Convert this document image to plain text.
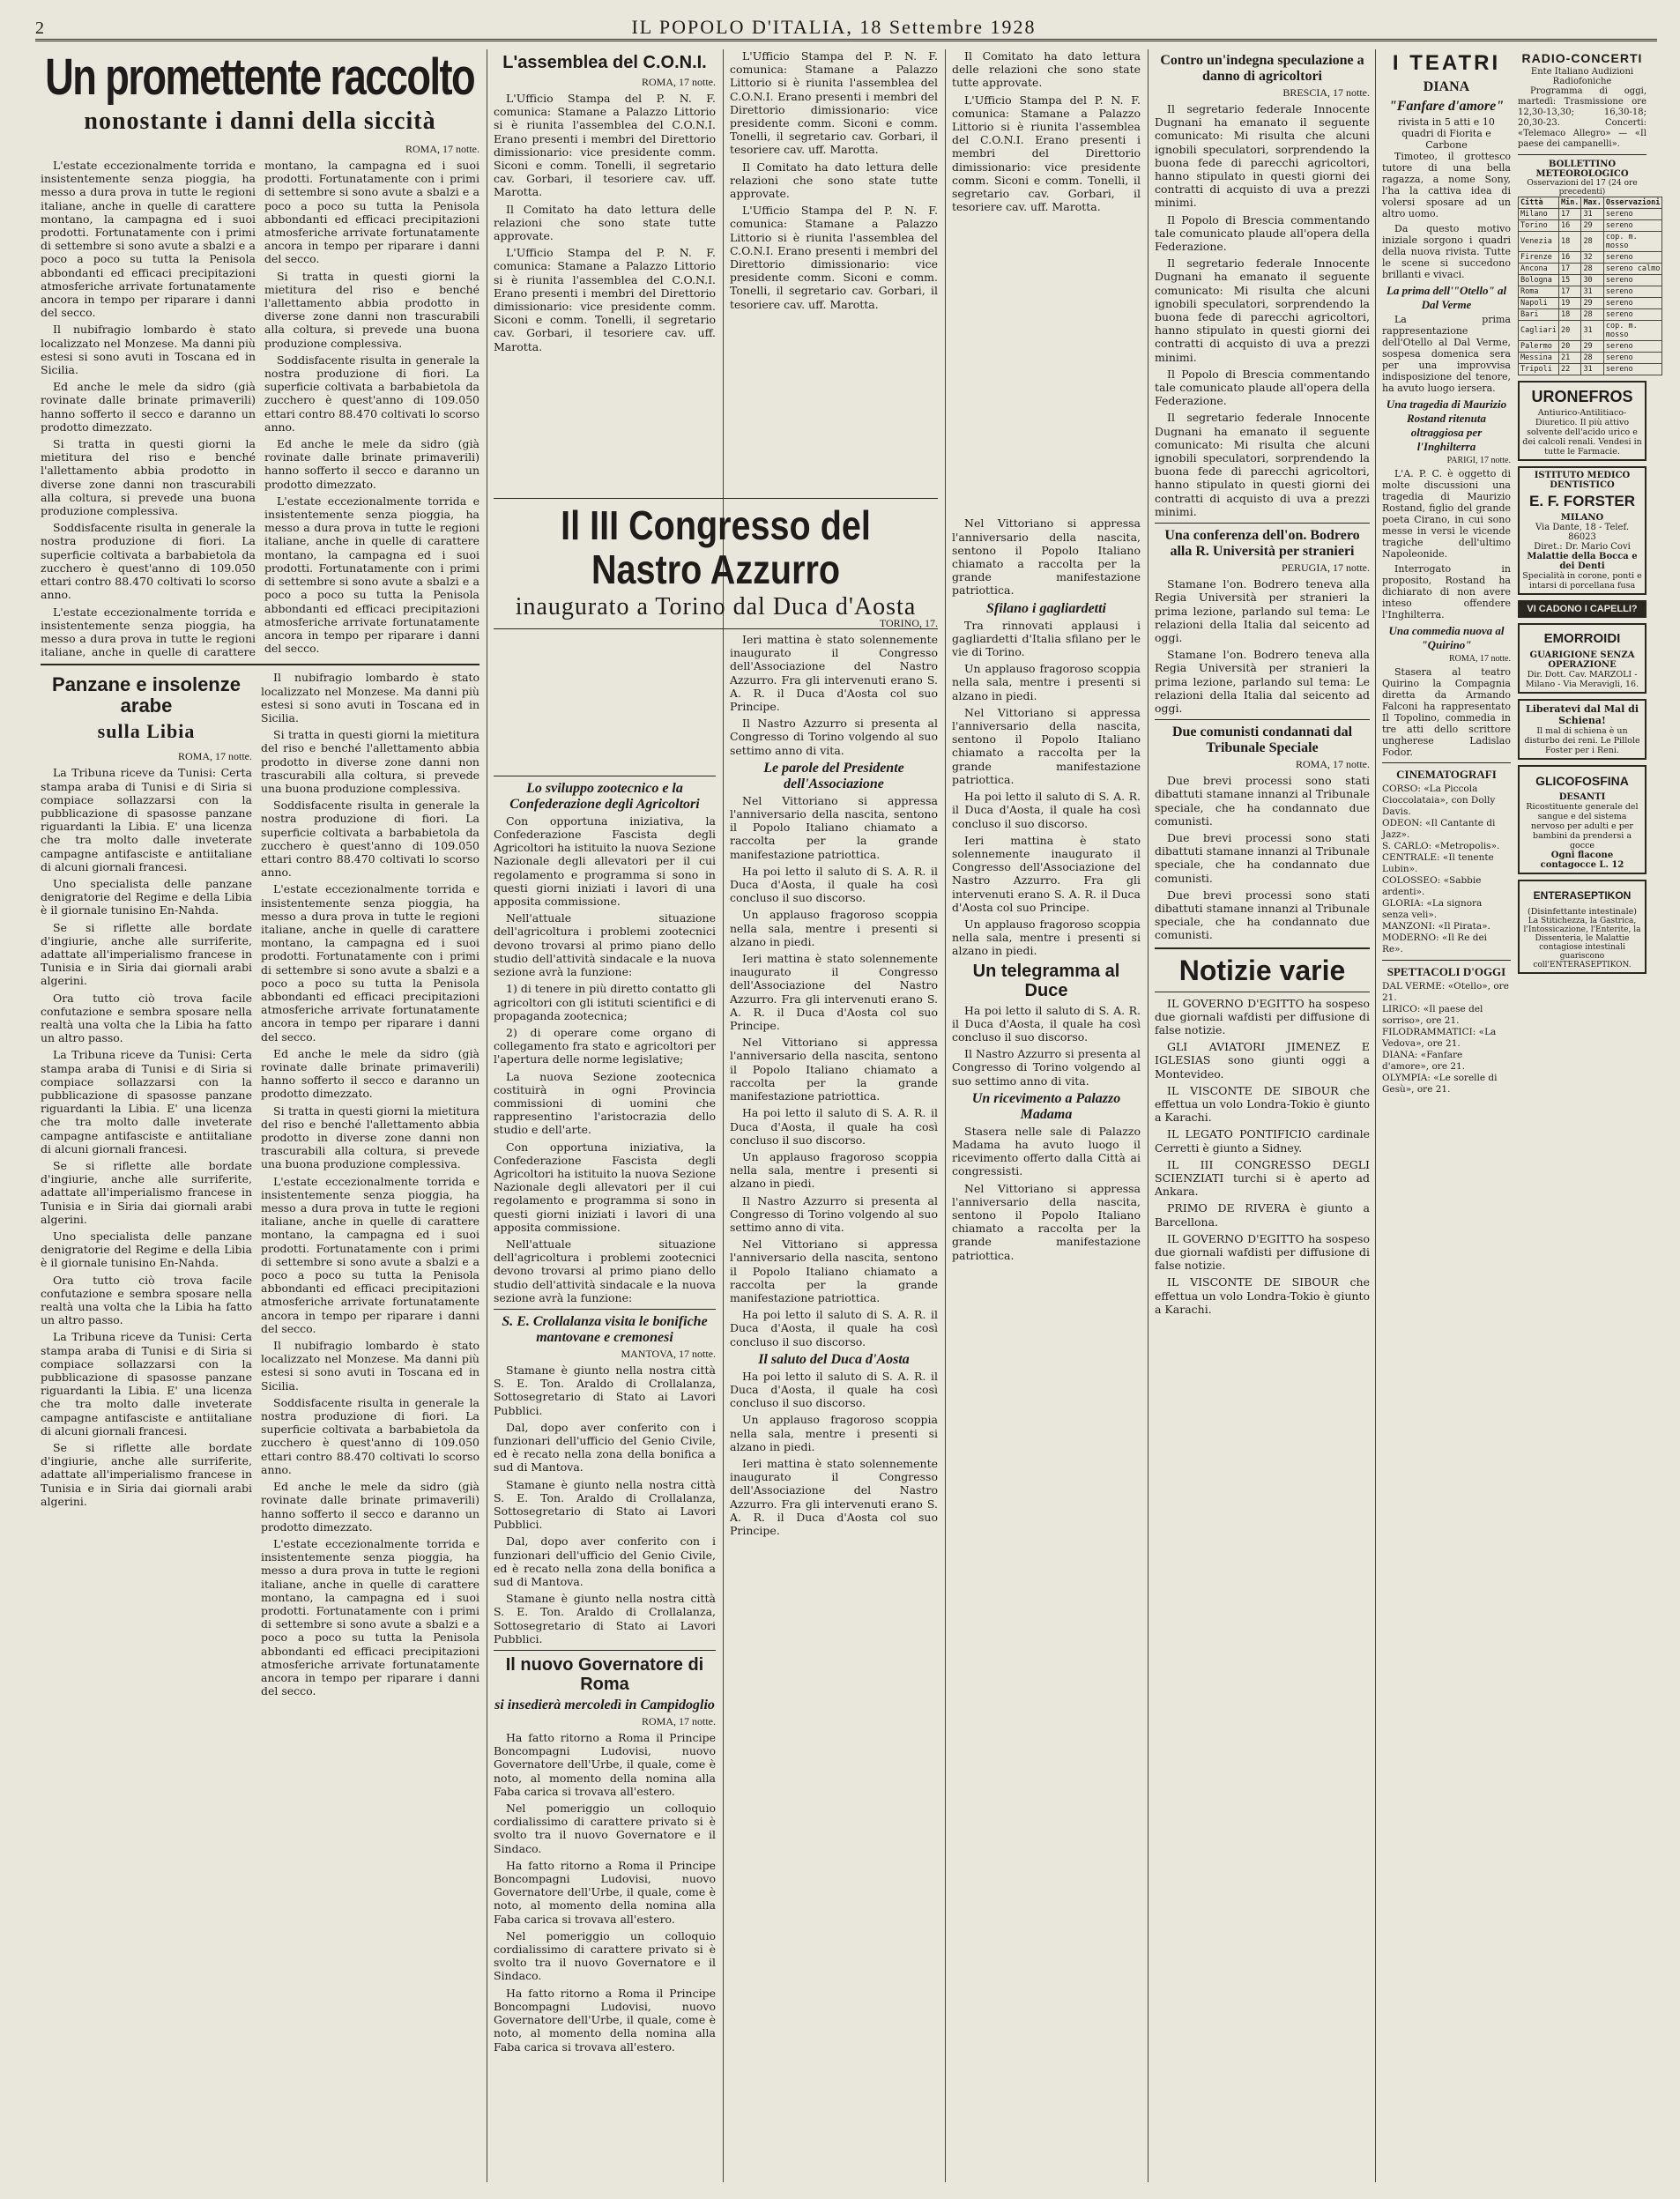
2	IL POPOLO D'ITALIA, 18 Settembre 1928
Un promettente raccolto
nonostante i danni della siccità
ROMA, 17 notte.

L'estate eccezionalmente torrida e insistentemente senza pioggia, ha messo a dura prova in tutte le regioni italiane, anche in quelle di carattere montano, la campagna ed i suoi prodotti. Fortunatamente con i primi di settembre si sono avute a sbalzi e a poco a poco su tutta la Penisola abbondanti ed efficaci precipitazioni atmosferiche arrivate fortunatamente ancora in tempo per riparare i danni del secco.

Il nubifragio lombardo è stato localizzato nel Monzese. Ma danni più estesi si sono avuti in Toscana ed in Sicilia.

Ed anche le mele da sidro (già rovinate dalle brinate primaverili) hanno sofferto il secco e daranno un prodotto dimezzato.

Si tratta in questi giorni la mietitura del riso e benché l'allettamento abbia prodotto in diverse zone danni non trascurabili alla coltura, si prevede una buona produzione complessiva.

Soddisfacente risulta in generale la nostra produzione di fiori. La superficie coltivata a barbabietola da zucchero è quest'anno di 109.050 ettari contro 88.470 coltivati lo scorso anno.

L'estate eccezionalmente torrida e insistentemente senza pioggia, ha messo a dura prova in tutte le regioni italiane, anche in quelle di carattere montano, la campagna ed i suoi prodotti. Fortunatamente con i primi di settembre si sono avute a sbalzi e a poco a poco su tutta la Penisola abbondanti ed efficaci precipitazioni atmosferiche arrivate fortunatamente ancora in tempo per riparare i danni del secco.

Si tratta in questi giorni la mietitura del riso e benché l'allettamento abbia prodotto in diverse zone danni non trascurabili alla coltura, si prevede una buona produzione complessiva.

Soddisfacente risulta in generale la nostra produzione di fiori. La superficie coltivata a barbabietola da zucchero è quest'anno di 109.050 ettari contro 88.470 coltivati lo scorso anno.

Ed anche le mele da sidro (già rovinate dalle brinate primaverili) hanno sofferto il secco e daranno un prodotto dimezzato.

L'estate eccezionalmente torrida e insistentemente senza pioggia, ha messo a dura prova in tutte le regioni italiane, anche in quelle di carattere montano, la campagna ed i suoi prodotti. Fortunatamente con i primi di settembre si sono avute a sbalzi e a poco a poco su tutta la Penisola abbondanti ed efficaci precipitazioni atmosferiche arrivate fortunatamente ancora in tempo per riparare i danni del secco.

Panzane e insolenze arabe
sulla Libia
ROMA, 17 notte.

La Tribuna riceve da Tunisi: Certa stampa araba di Tunisi e di Siria si compiace sollazzarsi con la pubblicazione di spasosse panzane riguardanti la Libia. E' una licenza che tra molto dalle inveterate campagne antifasciste e antiitaliane di alcuni giornali francesi.

Uno specialista delle panzane denigratorie del Regime e della Libia è il giornale tunisino En-Nahda.

Se si riflette alle bordate d'ingiurie, anche alle surriferite, adattate all'imperialismo francese in Tunisia e in Siria dai giornali arabi algerini.

Ora tutto ciò trova facile confutazione e sembra sposare nella realtà una volta che la Libia ha fatto un altro passo.

La Tribuna riceve da Tunisi: Certa stampa araba di Tunisi e di Siria si compiace sollazzarsi con la pubblicazione di spasosse panzane riguardanti la Libia. E' una licenza che tra molto dalle inveterate campagne antifasciste e antiitaliane di alcuni giornali francesi.

Se si riflette alle bordate d'ingiurie, anche alle surriferite, adattate all'imperialismo francese in Tunisia e in Siria dai giornali arabi algerini.

Uno specialista delle panzane denigratorie del Regime e della Libia è il giornale tunisino En-Nahda.

Ora tutto ciò trova facile confutazione e sembra sposare nella realtà una volta che la Libia ha fatto un altro passo.

La Tribuna riceve da Tunisi: Certa stampa araba di Tunisi e di Siria si compiace sollazzarsi con la pubblicazione di spasosse panzane riguardanti la Libia. E' una licenza che tra molto dalle inveterate campagne antifasciste e antiitaliane di alcuni giornali francesi.

Se si riflette alle bordate d'ingiurie, anche alle surriferite, adattate all'imperialismo francese in Tunisia e in Siria dai giornali arabi algerini.

Il nubifragio lombardo è stato localizzato nel Monzese. Ma danni più estesi si sono avuti in Toscana ed in Sicilia.

Si tratta in questi giorni la mietitura del riso e benché l'allettamento abbia prodotto in diverse zone danni non trascurabili alla coltura, si prevede una buona produzione complessiva.

Soddisfacente risulta in generale la nostra produzione di fiori. La superficie coltivata a barbabietola da zucchero è quest'anno di 109.050 ettari contro 88.470 coltivati lo scorso anno.

L'estate eccezionalmente torrida e insistentemente senza pioggia, ha messo a dura prova in tutte le regioni italiane, anche in quelle di carattere montano, la campagna ed i suoi prodotti. Fortunatamente con i primi di settembre si sono avute a sbalzi e a poco a poco su tutta la Penisola abbondanti ed efficaci precipitazioni atmosferiche arrivate fortunatamente ancora in tempo per riparare i danni del secco.

Ed anche le mele da sidro (già rovinate dalle brinate primaverili) hanno sofferto il secco e daranno un prodotto dimezzato.

Si tratta in questi giorni la mietitura del riso e benché l'allettamento abbia prodotto in diverse zone danni non trascurabili alla coltura, si prevede una buona produzione complessiva.

L'estate eccezionalmente torrida e insistentemente senza pioggia, ha messo a dura prova in tutte le regioni italiane, anche in quelle di carattere montano, la campagna ed i suoi prodotti. Fortunatamente con i primi di settembre si sono avute a sbalzi e a poco a poco su tutta la Penisola abbondanti ed efficaci precipitazioni atmosferiche arrivate fortunatamente ancora in tempo per riparare i danni del secco.

Il nubifragio lombardo è stato localizzato nel Monzese. Ma danni più estesi si sono avuti in Toscana ed in Sicilia.

Soddisfacente risulta in generale la nostra produzione di fiori. La superficie coltivata a barbabietola da zucchero è quest'anno di 109.050 ettari contro 88.470 coltivati lo scorso anno.

Ed anche le mele da sidro (già rovinate dalle brinate primaverili) hanno sofferto il secco e daranno un prodotto dimezzato.

L'estate eccezionalmente torrida e insistentemente senza pioggia, ha messo a dura prova in tutte le regioni italiane, anche in quelle di carattere montano, la campagna ed i suoi prodotti. Fortunatamente con i primi di settembre si sono avute a sbalzi e a poco a poco su tutta la Penisola abbondanti ed efficaci precipitazioni atmosferiche arrivate fortunatamente ancora in tempo per riparare i danni del secco.

L'assemblea del C.O.N.I.
ROMA, 17 notte.

L'Ufficio Stampa del P. N. F. comunica: Stamane a Palazzo Littorio si è riunita l'assemblea del C.O.N.I. Erano presenti i membri del Direttorio dimissionario: vice presidente comm. Siconi e comm. Tonelli, il segretario cav. Gorbari, il tesoriere cav. uff. Marotta.

Il Comitato ha dato lettura delle relazioni che sono state tutte approvate.

L'Ufficio Stampa del P. N. F. comunica: Stamane a Palazzo Littorio si è riunita l'assemblea del C.O.N.I. Erano presenti i membri del Direttorio dimissionario: vice presidente comm. Siconi e comm. Tonelli, il segretario cav. Gorbari, il tesoriere cav. uff. Marotta.

Lo sviluppo zootecnico e la Confederazione degli Agricoltori

Con opportuna iniziativa, la Confederazione Fascista degli Agricoltori ha istituito la nuova Sezione Nazionale degli allevatori per il cui regolamento e programma si sono in questi giorni iniziati i lavori di una apposita commissione.

Nell'attuale situazione dell'agricoltura i problemi zootecnici devono trovarsi al primo piano dello studio dell'attività sindacale e la nuova sezione avrà la funzione:

1) di tenere in più diretto contatto gli agricoltori con gli istituti scientifici e di propaganda zootecnica;

2) di operare come organo di collegamento fra stato e agricoltori per l'apertura delle norme legislative;

La nuova Sezione zootecnica costituirà in ogni Provincia commissioni di uomini che rappresentino l'aristocrazia dello studio e dell'arte.

Con opportuna iniziativa, la Confederazione Fascista degli Agricoltori ha istituito la nuova Sezione Nazionale degli allevatori per il cui regolamento e programma si sono in questi giorni iniziati i lavori di una apposita commissione.

Nell'attuale situazione dell'agricoltura i problemi zootecnici devono trovarsi al primo piano dello studio dell'attività sindacale e la nuova sezione avrà la funzione:

S. E. Crollalanza visita le bonifiche mantovane e cremonesi
MANTOVA, 17 notte.

Stamane è giunto nella nostra città S. E. Ton. Araldo di Crollalanza, Sottosegretario di Stato ai Lavori Pubblici.

Dal, dopo aver conferito con i funzionari dell'ufficio del Genio Civile, ed è recato nella zona della bonifica a sud di Mantova.

Stamane è giunto nella nostra città S. E. Ton. Araldo di Crollalanza, Sottosegretario di Stato ai Lavori Pubblici.

Dal, dopo aver conferito con i funzionari dell'ufficio del Genio Civile, ed è recato nella zona della bonifica a sud di Mantova.

Stamane è giunto nella nostra città S. E. Ton. Araldo di Crollalanza, Sottosegretario di Stato ai Lavori Pubblici.

Il nuovo Governatore di Roma
si insedierà mercoledì in Campidoglio
ROMA, 17 notte.

Ha fatto ritorno a Roma il Principe Boncompagni Ludovisi, nuovo Governatore dell'Urbe, il quale, come è noto, al momento della nomina alla Faba carica si trovava all'estero.

Nel pomeriggio un colloquio cordialissimo di carattere privato si è svolto tra il nuovo Governatore e il Sindaco.

Ha fatto ritorno a Roma il Principe Boncompagni Ludovisi, nuovo Governatore dell'Urbe, il quale, come è noto, al momento della nomina alla Faba carica si trovava all'estero.

Nel pomeriggio un colloquio cordialissimo di carattere privato si è svolto tra il nuovo Governatore e il Sindaco.

Ha fatto ritorno a Roma il Principe Boncompagni Ludovisi, nuovo Governatore dell'Urbe, il quale, come è noto, al momento della nomina alla Faba carica si trovava all'estero.

L'Ufficio Stampa del P. N. F. comunica: Stamane a Palazzo Littorio si è riunita l'assemblea del C.O.N.I. Erano presenti i membri del Direttorio dimissionario: vice presidente comm. Siconi e comm. Tonelli, il segretario cav. Gorbari, il tesoriere cav. uff. Marotta.

Il Comitato ha dato lettura delle relazioni che sono state tutte approvate.

L'Ufficio Stampa del P. N. F. comunica: Stamane a Palazzo Littorio si è riunita l'assemblea del C.O.N.I. Erano presenti i membri del Direttorio dimissionario: vice presidente comm. Siconi e comm. Tonelli, il segretario cav. Gorbari, il tesoriere cav. uff. Marotta.

Il III Congresso del Nastro Azzurro
inaugurato a Torino dal Duca d'Aosta
TORINO, 17.

Ieri mattina è stato solennemente inaugurato il Congresso dell'Associazione del Nastro Azzurro. Fra gli intervenuti erano S. A. R. il Duca d'Aosta col suo Principe.

Il Nastro Azzurro si presenta al Congresso di Torino volgendo al suo settimo anno di vita.

Le parole del Presidente dell'Associazione

Nel Vittoriano si appressa l'anniversario della nascita, sentono il Popolo Italiano chiamato a raccolta per la grande manifestazione patriottica.

Ha poi letto il saluto di S. A. R. il Duca d'Aosta, il quale ha così concluso il suo discorso.

Un applauso fragoroso scoppia nella sala, mentre i presenti si alzano in piedi.

Ieri mattina è stato solennemente inaugurato il Congresso dell'Associazione del Nastro Azzurro. Fra gli intervenuti erano S. A. R. il Duca d'Aosta col suo Principe.

Nel Vittoriano si appressa l'anniversario della nascita, sentono il Popolo Italiano chiamato a raccolta per la grande manifestazione patriottica.

Ha poi letto il saluto di S. A. R. il Duca d'Aosta, il quale ha così concluso il suo discorso.

Un applauso fragoroso scoppia nella sala, mentre i presenti si alzano in piedi.

Il Nastro Azzurro si presenta al Congresso di Torino volgendo al suo settimo anno di vita.

Nel Vittoriano si appressa l'anniversario della nascita, sentono il Popolo Italiano chiamato a raccolta per la grande manifestazione patriottica.

Ha poi letto il saluto di S. A. R. il Duca d'Aosta, il quale ha così concluso il suo discorso.

Il saluto del Duca d'Aosta

Ha poi letto il saluto di S. A. R. il Duca d'Aosta, il quale ha così concluso il suo discorso.

Un applauso fragoroso scoppia nella sala, mentre i presenti si alzano in piedi.

Ieri mattina è stato solennemente inaugurato il Congresso dell'Associazione del Nastro Azzurro. Fra gli intervenuti erano S. A. R. il Duca d'Aosta col suo Principe.

Il Comitato ha dato lettura delle relazioni che sono state tutte approvate.

L'Ufficio Stampa del P. N. F. comunica: Stamane a Palazzo Littorio si è riunita l'assemblea del C.O.N.I. Erano presenti i membri del Direttorio dimissionario: vice presidente comm. Siconi e comm. Tonelli, il segretario cav. Gorbari, il tesoriere cav. uff. Marotta.

Nel Vittoriano si appressa l'anniversario della nascita, sentono il Popolo Italiano chiamato a raccolta per la grande manifestazione patriottica.

Sfilano i gagliardetti

Tra rinnovati applausi i gagliardetti d'Italia sfilano per le vie di Torino.

Un applauso fragoroso scoppia nella sala, mentre i presenti si alzano in piedi.

Nel Vittoriano si appressa l'anniversario della nascita, sentono il Popolo Italiano chiamato a raccolta per la grande manifestazione patriottica.

Ha poi letto il saluto di S. A. R. il Duca d'Aosta, il quale ha così concluso il suo discorso.

Ieri mattina è stato solennemente inaugurato il Congresso dell'Associazione del Nastro Azzurro. Fra gli intervenuti erano S. A. R. il Duca d'Aosta col suo Principe.

Un applauso fragoroso scoppia nella sala, mentre i presenti si alzano in piedi.

Un telegramma al Duce

Ha poi letto il saluto di S. A. R. il Duca d'Aosta, il quale ha così concluso il suo discorso.

Il Nastro Azzurro si presenta al Congresso di Torino volgendo al suo settimo anno di vita.

Un ricevimento a Palazzo Madama

Stasera nelle sale di Palazzo Madama ha avuto luogo il ricevimento offerto dalla Città ai congressisti.

Nel Vittoriano si appressa l'anniversario della nascita, sentono il Popolo Italiano chiamato a raccolta per la grande manifestazione patriottica.

Contro un'indegna speculazione a danno di agricoltori
BRESCIA, 17 notte.

Il segretario federale Innocente Dugnani ha emanato il seguente comunicato: Mi risulta che alcuni ignobili speculatori, sorprendendo la buona fede di parecchi agricoltori, hanno stipulato in questi giorni dei contratti di acquisto di uva a prezzi minimi.

Il Popolo di Brescia commentando tale comunicato plaude all'opera della Federazione.

Il segretario federale Innocente Dugnani ha emanato il seguente comunicato: Mi risulta che alcuni ignobili speculatori, sorprendendo la buona fede di parecchi agricoltori, hanno stipulato in questi giorni dei contratti di acquisto di uva a prezzi minimi.

Il Popolo di Brescia commentando tale comunicato plaude all'opera della Federazione.

Il segretario federale Innocente Dugnani ha emanato il seguente comunicato: Mi risulta che alcuni ignobili speculatori, sorprendendo la buona fede di parecchi agricoltori, hanno stipulato in questi giorni dei contratti di acquisto di uva a prezzi minimi.

Una conferenza dell'on. Bodrero alla R. Università per stranieri
PERUGIA, 17 notte.

Stamane l'on. Bodrero teneva alla Regia Università per stranieri la prima lezione, parlando sul tema: Le relazioni della Italia dal seicento ad oggi.

Stamane l'on. Bodrero teneva alla Regia Università per stranieri la prima lezione, parlando sul tema: Le relazioni della Italia dal seicento ad oggi.

Due comunisti condannati dal Tribunale Speciale
ROMA, 17 notte.

Due brevi processi sono stati dibattuti stamane innanzi al Tribunale speciale, che ha condannato due comunisti.

Due brevi processi sono stati dibattuti stamane innanzi al Tribunale speciale, che ha condannato due comunisti.

Due brevi processi sono stati dibattuti stamane innanzi al Tribunale speciale, che ha condannato due comunisti.

Notizie varie

IL GOVERNO D'EGITTO ha sospeso due giornali wafdisti per diffusione di false notizie.

GLI AVIATORI JIMENEZ E IGLESIAS sono giunti oggi a Montevideo.

IL VISCONTE DE SIBOUR che effettua un volo Londra-Tokio è giunto a Karachi.

IL LEGATO PONTIFICIO cardinale Cerretti è giunto a Sidney.

IL III CONGRESSO DEGLI SCIENZIATI turchi si è aperto ad Ankara.

PRIMO DE RIVERA è giunto a Barcellona.

IL GOVERNO D'EGITTO ha sospeso due giornali wafdisti per diffusione di false notizie.

IL VISCONTE DE SIBOUR che effettua un volo Londra-Tokio è giunto a Karachi.

I TEATRI
DIANA
"Fanfare d'amore"
rivista in 5 atti e 10 quadri di Fiorita e Carbone

Timoteo, il grottesco tutore di una bella ragazza, a nome Sony, l'ha la cattiva idea di volersi sposare ad un altro uomo.

Da questo motivo iniziale sorgono i quadri della nuova rivista. Tutte le scene si succedono brillanti e vivaci.

La prima dell'"Otello" al Dal Verme

La prima rappresentazione dell'Otello al Dal Verme, sospesa domenica sera per una improvvisa indisposizione del tenore, ha avuto luogo iersera.

Una tragedia di Maurizio Rostand ritenuta oltraggiosa per l'Inghilterra
PARIGI, 17 notte.

L'A. P. C. è oggetto di molte discussioni una tragedia di Maurizio Rostand, figlio del grande poeta Cirano, in cui sono messe in versi le vicende tragiche dell'ultimo Napoleonide.

Interrogato in proposito, Rostand ha dichiarato di non avere inteso offendere l'Inghilterra.

Una commedia nuova al "Quirino"
ROMA, 17 notte.

Stasera al teatro Quirino la Compagnia diretta da Armando Falconi ha rappresentato Il Topolino, commedia in tre atti dello scrittore ungherese Ladislao Fodor.

CINEMATOGRAFI
CORSO: «La Piccola Cioccolataia», con Dolly Davis.
ODEON: «Il Cantante di Jazz».
S. CARLO: «Metropolis».
CENTRALE: «Il tenente Lubin».
COLOSSEO: «Sabbie ardenti».
GLORIA: «La signora senza veli».
MANZONI: «Il Pirata».
MODERNO: «Il Re dei Re».
SPETTACOLI D'OGGI
DAL VERME: «Otello», ore 21.
LIRICO: «Il paese del sorriso», ore 21.
FILODRAMMATICI: «La Vedova», ore 21.
DIANA: «Fanfare d'amore», ore 21.
OLYMPIA: «Le sorelle di Gesù», ore 21.
RADIO-CONCERTI
Ente Italiano Audizioni Radiofoniche

Programma di oggi, martedì: Trasmissione ore 12,30-13,30; 16,30-18; 20,30-23. Concerti: «Telemaco Allegro» — «Il paese dei campanelli».

BOLLETTINO METEOROLOGICO
Osservazioni del 17 (24 ore precedenti)
Città	Min.	Max.	Osservazioni
Milano	17	31	sereno
Torino	16	29	sereno
Venezia	18	28	cop. m. mosso
Firenze	16	32	sereno
Ancona	17	28	sereno calmo
Bologna	15	30	sereno
Roma	17	31	sereno
Napoli	19	29	sereno
Bari	18	28	sereno
Cagliari	20	31	cop. m. mosso
Palermo	20	29	sereno
Messina	21	28	sereno
Tripoli	22	31	sereno
URONEFROS
Antiurico-Antilitiaco-Diuretico. Il più attivo solvente dell'acido urico e dei calcoli renali. Vendesi in tutte le Farmacie.
ISTITUTO MEDICO DENTISTICO
E. F. FORSTER
MILANO
Via Dante, 18 - Telef. 86023
Diret.: Dr. Mario Covi
Malattie della Bocca e dei Denti
Specialità in corone, ponti e intarsi di porcellana fusa
VI CADONO I CAPELLI?
EMORROIDI
GUARIGIONE SENZA OPERAZIONE
Dir. Dott. Cav. MARZOLI - Milano - Via Meravigli, 16.
Liberatevi dal Mal di Schiena!
Il mal di schiena è un disturbo dei reni. Le Pillole Foster per i Reni.
GLICOFOSFINA
DESANTI
Ricostituente generale del sangue e del sistema nervoso per adulti e per bambini da prendersi a gocce
Ogni flacone contagocce L. 12
ENTERASEPTIKON
(Disinfettante intestinale)
La Stitichezza, la Gastrica, l'Intossicazione, l'Enterite, la Dissenteria, le Malattie contagiose intestinali guariscono coll'ENTERASEPTIKON.
